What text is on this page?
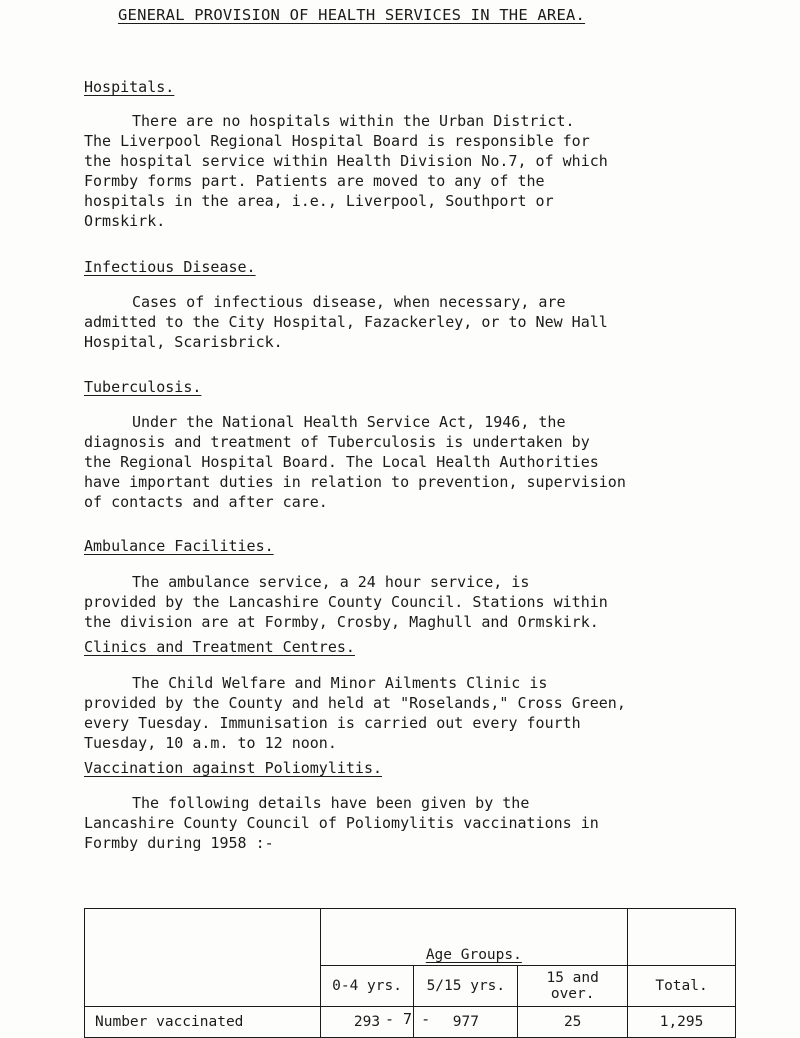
GENERAL PROVISION OF HEALTH SERVICES IN THE AREA.
Hospitals.

There are no hospitals within the Urban District.

The Liverpool Regional Hospital Board is responsible for

the hospital service within Health Division No.7, of which

Formby forms part. Patients are moved to any of the

hospitals in the area, i.e., Liverpool, Southport or

Ormskirk.

Infectious Disease.

Cases of infectious disease, when necessary, are

admitted to the City Hospital, Fazackerley, or to New Hall

Hospital, Scarisbrick.

Tuberculosis.

Under the National Health Service Act, 1946, the

diagnosis and treatment of Tuberculosis is undertaken by

the Regional Hospital Board. The Local Health Authorities

have important duties in relation to prevention, supervision

of contacts and after care.

Ambulance Facilities.

The ambulance service, a 24 hour service, is

provided by the Lancashire County Council. Stations within

the division are at Formby, Crosby, Maghull and Ormskirk.

Clinics and Treatment Centres.

The Child Welfare and Minor Ailments Clinic is

provided by the County and held at "Roselands," Cross Green,

every Tuesday. Immunisation is carried out every fourth

Tuesday, 10 a.m. to 12 noon.

Vaccination against Poliomylitis.

The following details have been given by the

Lancashire County Council of Poliomylitis vaccinations in

Formby during 1958 :-

	Age Groups.			
	0-4 yrs.	5/15 yrs.	15 and over.	Total.
Number vaccinated	293	977	25	1,295
- 7 -
